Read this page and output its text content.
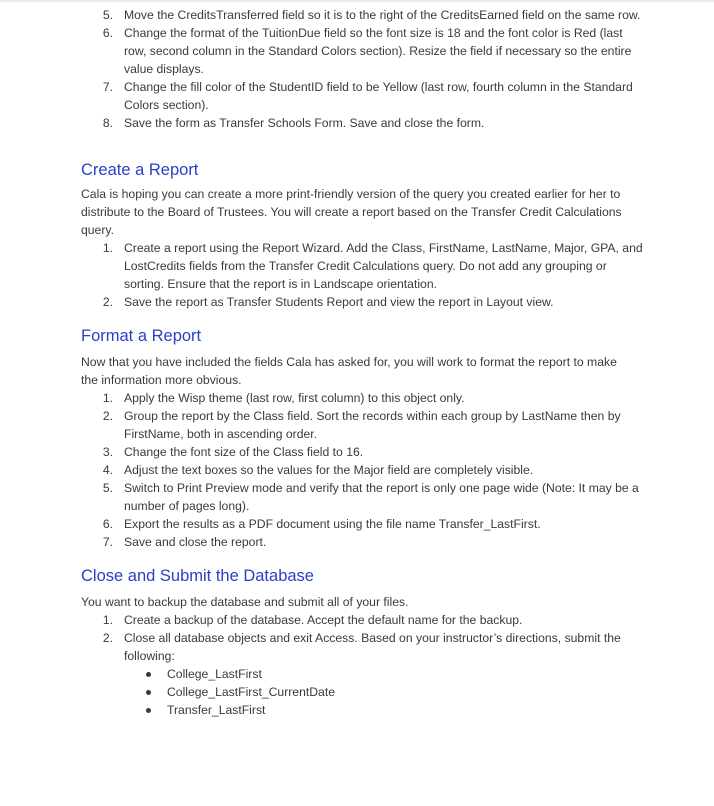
5. Move the CreditsTransferred field so it is to the right of the CreditsEarned field on the same row.
6. Change the format of the TuitionDue field so the font size is 18 and the font color is Red (last row, second column in the Standard Colors section). Resize the field if necessary so the entire value displays.
7. Change the fill color of the StudentID field to be Yellow (last row, fourth column in the Standard Colors section).
8. Save the form as Transfer Schools Form. Save and close the form.
Create a Report

Cala is hoping you can create a more print-friendly version of the query you created earlier for her to distribute to the Board of Trustees. You will create a report based on the Transfer Credit Calculations query.

1. Create a report using the Report Wizard. Add the Class, FirstName, LastName, Major, GPA, and LostCredits fields from the Transfer Credit Calculations query. Do not add any grouping or sorting. Ensure that the report is in Landscape orientation.
2. Save the report as Transfer Students Report and view the report in Layout view.
Format a Report

Now that you have included the fields Cala has asked for, you will work to format the report to make the information more obvious.

1. Apply the Wisp theme (last row, first column) to this object only.
2. Group the report by the Class field. Sort the records within each group by LastName then by FirstName, both in ascending order.
3. Change the font size of the Class field to 16.
4. Adjust the text boxes so the values for the Major field are completely visible.
5. Switch to Print Preview mode and verify that the report is only one page wide (Note: It may be a number of pages long).
6. Export the results as a PDF document using the file name Transfer_LastFirst.
7. Save and close the report.
Close and Submit the Database

You want to backup the database and submit all of your files.

1. Create a backup of the database. Accept the default name for the backup.
2. Close all database objects and exit Access. Based on your instructor’s directions, submit the following:
College_LastFirst
College_LastFirst_CurrentDate
Transfer_LastFirst
